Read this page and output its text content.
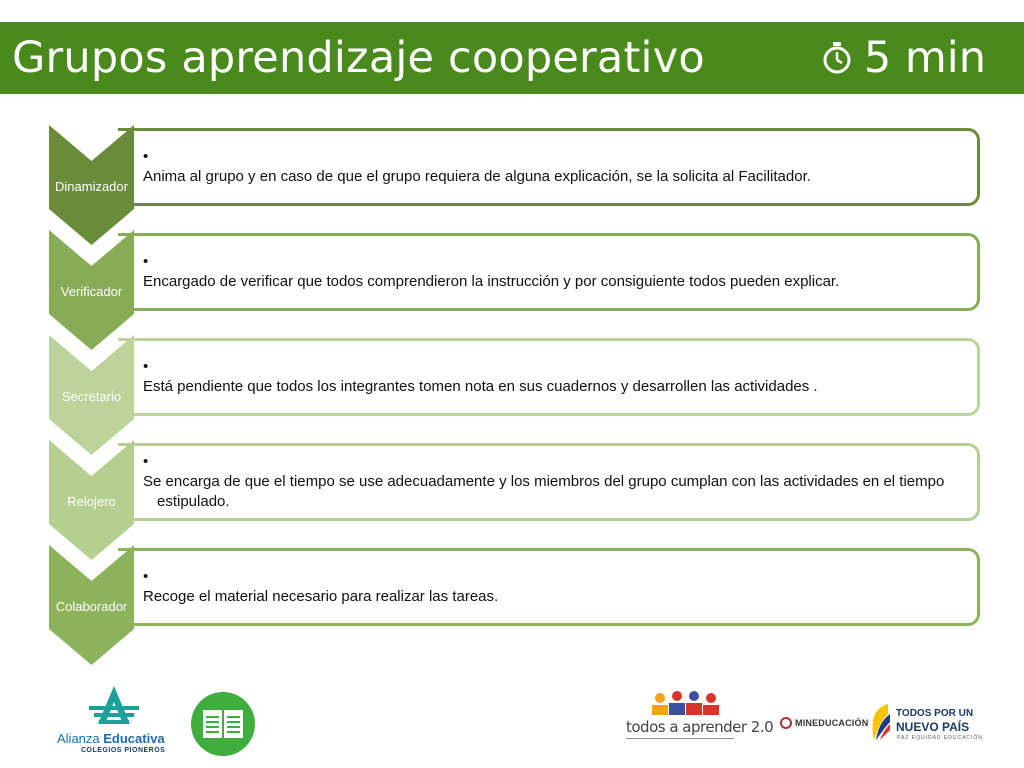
Grupos aprendizaje cooperativo	5 min
• Anima al grupo y en caso de que el grupo requiera de alguna explicación, se la solicita al Facilitador.
• Encargado de verificar que todos comprendieron la instrucción y por consiguiente todos pueden explicar.
• Está pendiente que todos los integrantes tomen nota en sus cuadernos y desarrollen las actividades .
• Se encarga de que el tiempo se use adecuadamente y los miembros del grupo cumplan con las actividades en el tiempo estipulado.
• Recoge el material necesario para realizar las tareas.
Dinamizador
Verificador
Secretario
Relojero
Colaborador
Alianza Educativa
COLEGIOS PIONEROS
todos a aprender 2.0 MINEDUCACIÓN
TODOS POR UN
NUEVO PAÍS
PAZ EQUIDAD EDUCACIÓN
